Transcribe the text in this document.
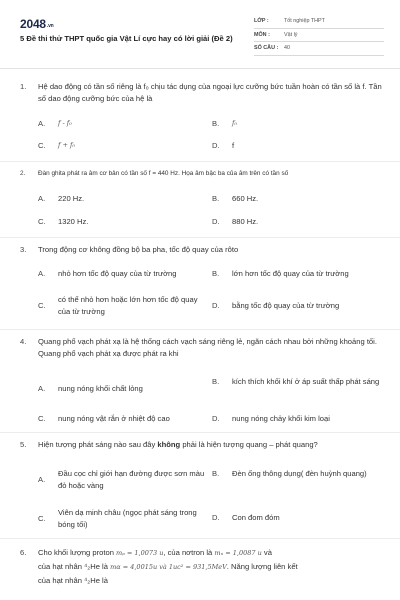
2048.vn
5 Đề thi thử THPT quốc gia Vật Lí cực hay có lời giải (Đề 2)
LỚP :	Tốt nghiệp THPT
MÔN :	Vật lý
SỐ CÂU :	40
1.	Hệ dao động có tần số riêng là f₀ chịu tác dụng của ngoại lực cưỡng bức tuần hoàn có tần số là f. Tần số dao động cưỡng bức của hệ là
A.	f - f₀	B.	f₀
C.	f + f₀	D.	f
2.	Đàn ghita phát ra âm cơ bản có tần số f = 440 Hz. Họa âm bậc ba của âm trên có tần số
A.	220 Hz.	B.	660 Hz.
C.	1320 Hz.	D.	880 Hz.
3.	Trong động cơ không đồng bộ ba pha, tốc độ quay của rôto
A.	nhỏ hơn tốc độ quay của từ trường	B.	lớn hơn tốc độ quay của từ trường
C.
có thể nhỏ hơn hoặc lớn hơn tốc độ quay của từ trường
D.	bằng tốc độ quay của từ trường
4.	Quang phổ vạch phát xạ là hệ thống cách vạch sáng riêng lẻ, ngăn cách nhau bởi những khoảng tối. Quang phổ vạch phát xạ được phát ra khi
A.	nung nóng khối chất lỏng
B.	kích thích khối khí ở áp suất thấp phát sáng
C.	nung nóng vật rắn ở nhiệt độ cao	D.	nung nóng chảy khối kim loại
5.	Hiện tượng phát sáng nào sau đây không phải là hiện tượng quang – phát quang?
A.
Đầu cọc chỉ giới hạn đường được sơn màu đỏ hoặc vàng
B.	Đèn ống thông dụng( đèn huỳnh quang)
C.
Viên dạ minh châu (ngọc phát sáng trong bóng tối)
D.	Con đom đóm
6.	Cho khối lượng proton mₚ = 1,0073 u, của nơtron là mₙ = 1,0087 u và
của hạt nhân ⁴₂He là mα = 4,0015u và 1uc² = 931,5MeV. Năng lượng liên kết
của hạt nhân ⁴₂He là
